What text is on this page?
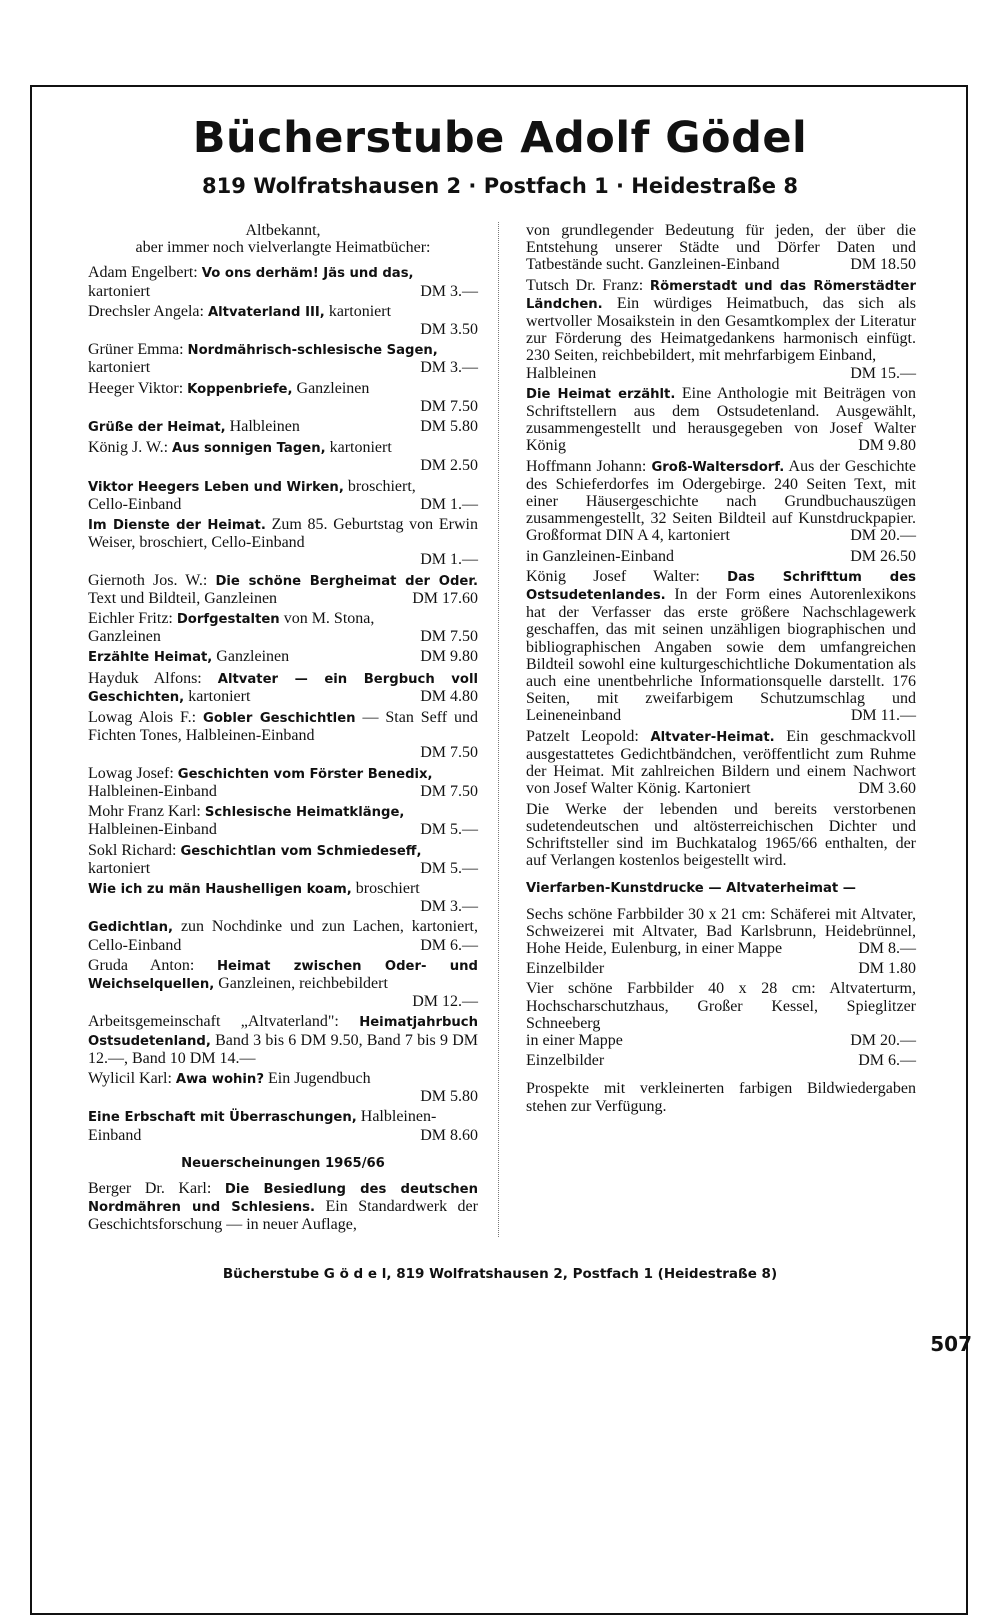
Bücherstube Adolf Gödel
819 Wolfratshausen 2 · Postfach 1 · Heidestraße 8
Altbekannt,
aber immer noch vielverlangte Heimatbücher:
Adam Engelbert: Vo ons derhäm! Jäs und das,
kartoniert	DM 3.—
Drechsler Angela: Altvaterland III, kartoniert
DM 3.50
Grüner Emma: Nordmährisch-schlesische Sagen,
kartoniert	DM 3.—
Heeger Viktor: Koppenbriefe, Ganzleinen
DM 7.50
Grüße der Heimat, Halbleinen	DM 5.80
König J. W.: Aus sonnigen Tagen, kartoniert
DM 2.50
Viktor Heegers Leben und Wirken, broschiert,
Cello-Einband	DM 1.—
Im Dienste der Heimat. Zum 85. Geburtstag von Erwin Weiser, broschiert, Cello-Einband
DM 1.—
Giernoth Jos. W.: Die schöne Bergheimat der Oder. Text und Bildteil, Ganzleinen	DM 17.60
Eichler Fritz: Dorfgestalten von M. Stona,
Ganzleinen	DM 7.50
Erzählte Heimat, Ganzleinen	DM 9.80
Hayduk Alfons: Altvater — ein Bergbuch voll Geschichten, kartoniert	DM 4.80
Lowag Alois F.: Gobler Geschichtlen — Stan Seff und Fichten Tones, Halbleinen-Einband
DM 7.50
Lowag Josef: Geschichten vom Förster Benedix,
Halbleinen-Einband	DM 7.50
Mohr Franz Karl: Schlesische Heimatklänge,
Halbleinen-Einband	DM 5.—
Sokl Richard: Geschichtlan vom Schmiedeseff,
kartoniert	DM 5.—
Wie ich zu män Haushelligen koam, broschiert
DM 3.—
Gedichtlan, zun Nochdinke und zun Lachen, kartoniert, Cello-Einband	DM 6.—
Gruda Anton: Heimat zwischen Oder- und Weichselquellen, Ganzleinen, reichbebildert
DM 12.—
Arbeitsgemeinschaft „Altvaterland": Heimatjahrbuch Ostsudetenland, Band 3 bis 6 DM 9.50, Band 7 bis 9 DM 12.—, Band 10 DM 14.—
Wylicil Karl: Awa wohin? Ein Jugendbuch
DM 5.80
Eine Erbschaft mit Überraschungen, Halbleinen-
Einband	DM 8.60
Neuerscheinungen 1965/66
Berger Dr. Karl: Die Besiedlung des deutschen Nordmähren und Schlesiens. Ein Standardwerk der Geschichtsforschung — in neuer Auflage,
von grundlegender Bedeutung für jeden, der über die Entstehung unserer Städte und Dörfer Daten und Tatbestände sucht. Ganzleinen-Einband	DM 18.50
Tutsch Dr. Franz: Römerstadt und das Römerstädter Ländchen. Ein würdiges Heimatbuch, das sich als wertvoller Mosaikstein in den Gesamtkomplex der Literatur zur Förderung des Heimatgedankens harmonisch einfügt. 230 Seiten, reichbebildert, mit mehrfarbigem Einband,
Halbleinen	DM 15.—
Die Heimat erzählt. Eine Anthologie mit Beiträgen von Schriftstellern aus dem Ostsudetenland. Ausgewählt, zusammengestellt und herausgegeben von Josef Walter König	DM 9.80
Hoffmann Johann: Groß-Waltersdorf. Aus der Geschichte des Schieferdorfes im Odergebirge. 240 Seiten Text, mit einer Häusergeschichte nach Grundbuchauszügen zusammengestellt, 32 Seiten Bildteil auf Kunstdruckpapier. Großformat DIN A 4, kartoniert	DM 20.—
in Ganzleinen-Einband	DM 26.50
König Josef Walter: Das Schrifttum des Ostsudetenlandes. In der Form eines Autorenlexikons hat der Verfasser das erste größere Nachschlagewerk geschaffen, das mit seinen unzähligen biographischen und bibliographischen Angaben sowie dem umfangreichen Bildteil sowohl eine kulturgeschichtliche Dokumentation als auch eine unentbehrliche Informationsquelle darstellt. 176 Seiten, mit zweifarbigem Schutzumschlag und Leineneinband	DM 11.—
Patzelt Leopold: Altvater-Heimat. Ein geschmackvoll ausgestattetes Gedichtbändchen, veröffentlicht zum Ruhme der Heimat. Mit zahlreichen Bildern und einem Nachwort von Josef Walter König. Kartoniert	DM 3.60
Die Werke der lebenden und bereits verstorbenen sudetendeutschen und altösterreichischen Dichter und Schriftsteller sind im Buchkatalog 1965/66 enthalten, der auf Verlangen kostenlos beigestellt wird.
Vierfarben-Kunstdrucke — Altvaterheimat —
Sechs schöne Farbbilder 30 x 21 cm: Schäferei mit Altvater, Schweizerei mit Altvater, Bad Karlsbrunn, Heidebrünnel, Hohe Heide, Eulenburg, in einer Mappe	DM 8.—
Einzelbilder	DM 1.80
Vier schöne Farbbilder 40 x 28 cm: Altvaterturm, Hochscharschutzhaus, Großer Kessel, Spieglitzer Schneeberg
in einer Mappe	DM 20.—
Einzelbilder	DM 6.—
Prospekte mit verkleinerten farbigen Bildwiedergaben stehen zur Verfügung.
Bücherstube G ö d e l, 819 Wolfratshausen 2, Postfach 1 (Heidestraße 8)
507
